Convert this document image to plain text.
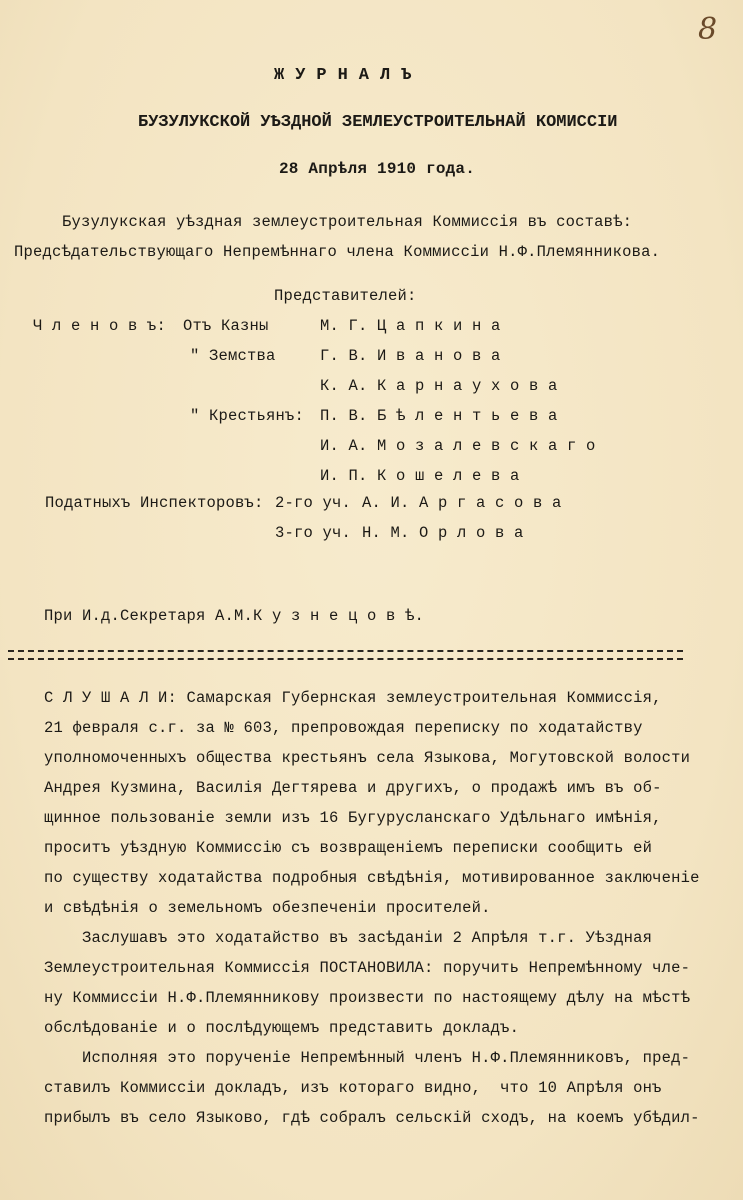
8
ЖУРНАЛЪ
БУЗУЛУКСКОЙ УѢЗДНОЙ ЗЕМЛЕУСТРОИТЕЛЬНАЙ КОМИССIИ
28 Апрѣля 1910 года.
Бузулукская уѣздная землеустроительная Коммиссія въ составѣ:
Предсѣдательствующаго Непремѣннаго члена Коммиссіи Н.Ф.Племянникова.
Представителей:
Ч л е н о в ъ: Отъ Казны	М. Г. Ц а п к и н а
" Земства	Г. В. И в а н о в а
К. А. К а р н а у х о в а
" Крестьянъ: П. В. Б ѣ л е н т ь е в а
И. А. М о з а л е в с к а г о
И. П. К о ш е л е в а
Податныхъ Инспекторовъ: 2-го уч. А. И. А р г а с о в а
3-го уч. Н. М. О р л о в а
При И.д.Секретаря А.М.К у з н е ц о в ѣ.
С Л У Ш А Л И: Самарская Губернская землеустроительная Коммиссія,
21 февраля с.г. за № 603, препровождая переписку по ходатайству
уполномоченныхъ общества крестьянъ села Языкова, Могутовской волости
Андрея Кузмина, Василія Дегтярева и другихъ, о продажѣ имъ въ об-
щинное пользованіе земли изъ 16 Бугурусланскаго Удѣльнаго имѣнія,
проситъ уѣздную Коммиссію съ возвращеніемъ переписки сообщить ей
по существу ходатайства подробныя свѣдѣнія, мотивированное заключеніе
и свѣдѣнія о земельномъ обезпеченіи просителей.
Заслушавъ это ходатайство въ засѣданіи 2 Апрѣля т.г. Уѣздная
Землеустроительная Коммиссія ПОСТАНОВИЛА: поручить Непремѣнному чле-
ну Коммиссіи Н.Ф.Племянникову произвести по настоящему дѣлу на мѣстѣ
обслѣдованіе и о послѣдующемъ представить докладъ.
Исполняя это порученіе Непремѣнный членъ Н.Ф.Племянниковъ, пред-
ставилъ Коммиссіи докладъ, изъ котораго видно,  что 10 Апрѣля онъ
прибылъ въ село Языково, гдѣ собралъ сельскій сходъ, на коемъ убѣдил-
